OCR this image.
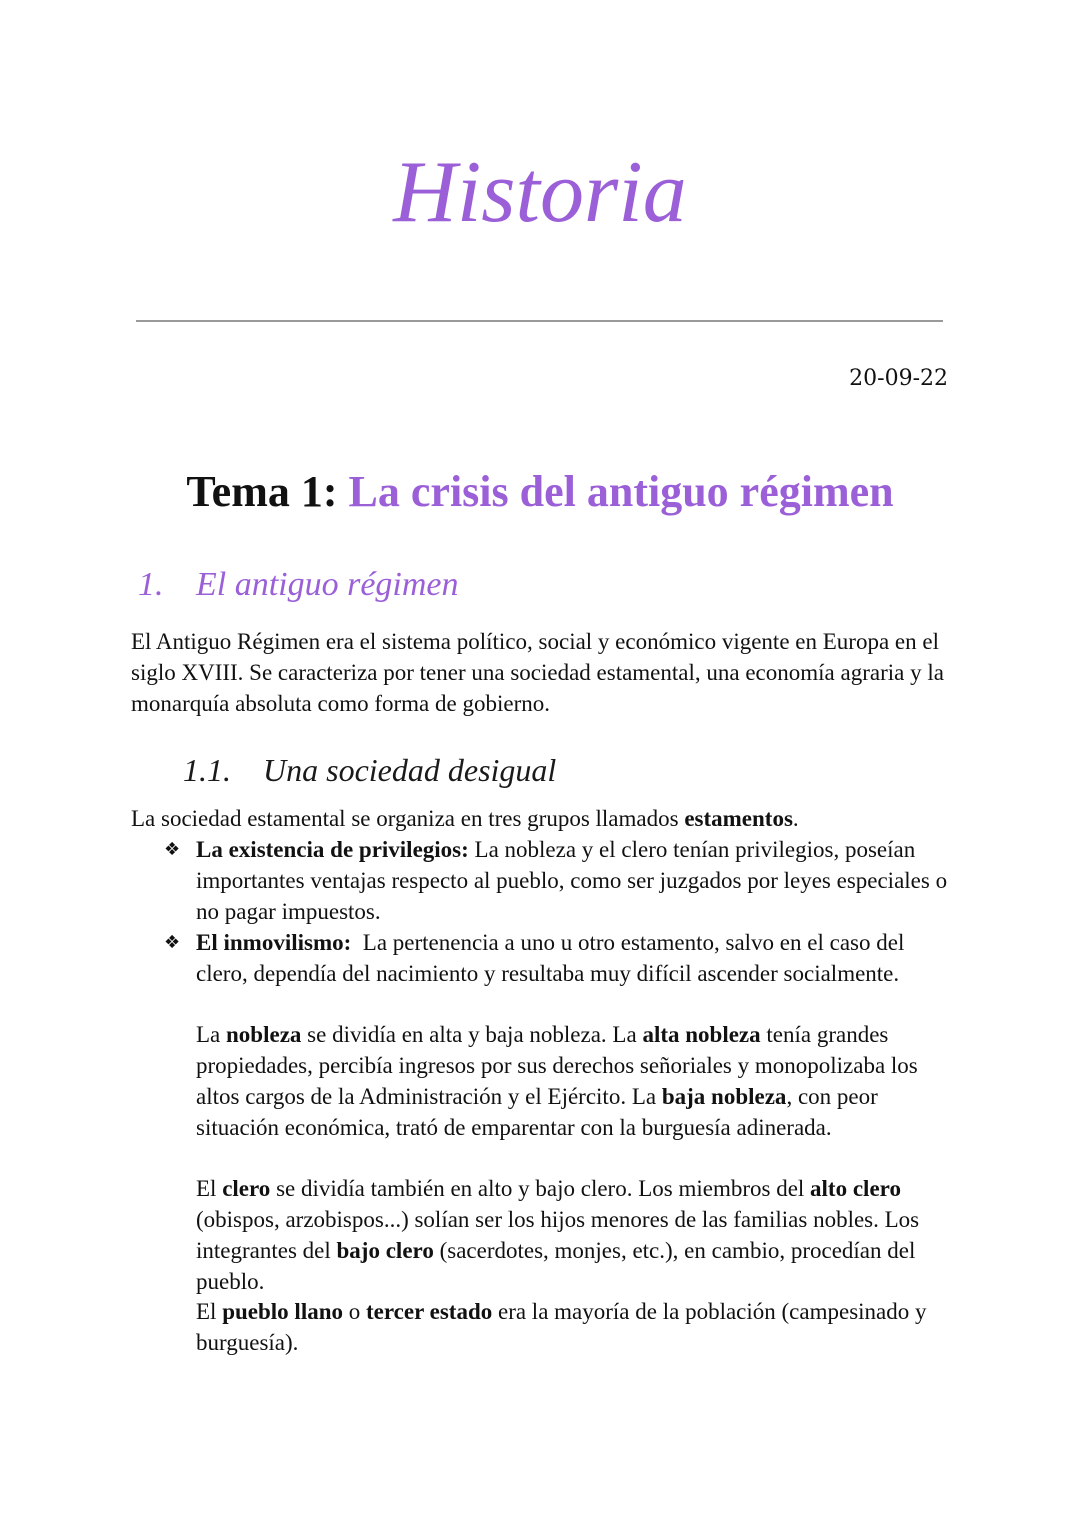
Historia
20-09-22
Tema 1: La crisis del antiguo régimen
1. El antiguo régimen
El Antiguo Régimen era el sistema político, social y económico vigente en Europa en el siglo XVIII. Se caracteriza por tener una sociedad estamental, una economía agraria y la monarquía absoluta como forma de gobierno.
1.1. Una sociedad desigual
La sociedad estamental se organiza en tres grupos llamados estamentos.
❖ La existencia de privilegios: La nobleza y el clero tenían privilegios, poseían importantes ventajas respecto al pueblo, como ser juzgados por leyes especiales o no pagar impuestos.
❖ El inmovilismo:  La pertenencia a uno u otro estamento, salvo en el caso del clero, dependía del nacimiento y resultaba muy difícil ascender socialmente.
La nobleza se dividía en alta y baja nobleza. La alta nobleza tenía grandes propiedades, percibía ingresos por sus derechos señoriales y monopolizaba los altos cargos de la Administración y el Ejército. La baja nobleza, con peor situación económica, trató de emparentar con la burguesía adinerada.
El clero se dividía también en alto y bajo clero. Los miembros del alto clero (obispos, arzobispos...) solían ser los hijos menores de las familias nobles. Los integrantes del bajo clero (sacerdotes, monjes, etc.), en cambio, procedían del pueblo.
El pueblo llano o tercer estado era la mayoría de la población (campesinado y burguesía).
